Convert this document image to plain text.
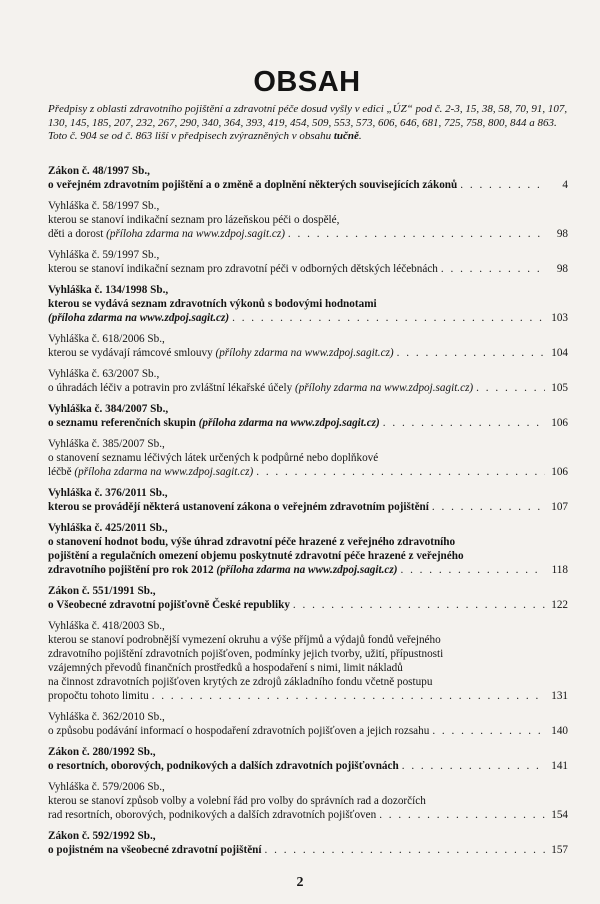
OBSAH

Předpisy z oblasti zdravotního pojištění a zdravotní péče dosud vyšly v edici „ÚZ“ pod č. 2-3, 15, 38, 58, 70, 91, 107, 130, 145, 185, 207, 232, 267, 290, 340, 364, 393, 419, 454, 509, 553, 573, 606, 646, 681, 725, 758, 800, 844 a 863. Toto č. 904 se od č. 863 liší v předpisech zvýrazněných v obsahu tučně.

Zákon č. 48/1997 Sb.,
o veřejném zdravotním pojištění a o změně a doplnění některých souvisejících zákonů . . .	4
Vyhláška č. 58/1997 Sb.,
kterou se stanoví indikační seznam pro lázeňskou péči o dospělé,
děti a dorost (příloha zdarma na www.zdpoj.sagit.cz) . . .	98
Vyhláška č. 59/1997 Sb.,
kterou se stanoví indikační seznam pro zdravotní péči v odborných dětských léčebnách . . .	98
Vyhláška č. 134/1998 Sb.,
kterou se vydává seznam zdravotních výkonů s bodovými hodnotami
(příloha zdarma na www.zdpoj.sagit.cz) . . .	103
Vyhláška č. 618/2006 Sb.,
kterou se vydávají rámcové smlouvy (přílohy zdarma na www.zdpoj.sagit.cz) . . .	104
Vyhláška č. 63/2007 Sb.,
o úhradách léčiv a potravin pro zvláštní lékařské účely (přílohy zdarma na www.zdpoj.sagit.cz) . . .	105
Vyhláška č. 384/2007 Sb.,
o seznamu referenčních skupin (příloha zdarma na www.zdpoj.sagit.cz) . . .	106
Vyhláška č. 385/2007 Sb.,
o stanovení seznamu léčivých látek určených k podpůrné nebo doplňkové
léčbě (příloha zdarma na www.zdpoj.sagit.cz) . . .	106
Vyhláška č. 376/2011 Sb.,
kterou se provádějí některá ustanovení zákona o veřejném zdravotním pojištění . . .	107
Vyhláška č. 425/2011 Sb.,
o stanovení hodnot bodu, výše úhrad zdravotní péče hrazené z veřejného zdravotního
pojištění a regulačních omezení objemu poskytnuté zdravotní péče hrazené z veřejného
zdravotního pojištění pro rok 2012 (příloha zdarma na www.zdpoj.sagit.cz) . . .	118
Zákon č. 551/1991 Sb.,
o Všeobecné zdravotní pojišťovně České republiky . . .	122
Vyhláška č. 418/2003 Sb.,
kterou se stanoví podrobnější vymezení okruhu a výše příjmů a výdajů fondů veřejného
zdravotního pojištění zdravotních pojišťoven, podmínky jejich tvorby, užití, přípustnosti
vzájemných převodů finančních prostředků a hospodaření s nimi, limit nákladů
na činnost zdravotních pojišťoven krytých ze zdrojů základního fondu včetně postupu
propočtu tohoto limitu . . .	131
Vyhláška č. 362/2010 Sb.,
o způsobu podávání informací o hospodaření zdravotních pojišťoven a jejich rozsahu . . .	140
Zákon č. 280/1992 Sb.,
o resortních, oborových, podnikových a dalších zdravotních pojišťovnách . . .	141
Vyhláška č. 579/2006 Sb.,
kterou se stanoví způsob volby a volební řád pro volby do správních rad a dozorčích
rad resortních, oborových, podnikových a dalších zdravotních pojišťoven . . .	154
Zákon č. 592/1992 Sb.,
o pojistném na všeobecné zdravotní pojištění . . .	157
2
